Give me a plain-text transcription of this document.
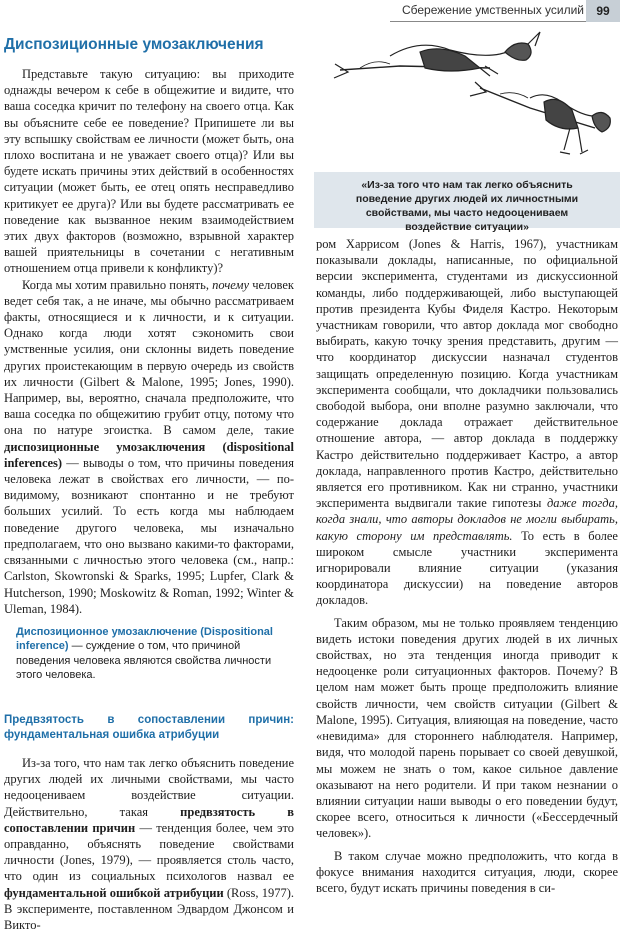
Сбережение умственных усилий	99
Диспозиционные умозаключения
«Из-за того что нам так легко объяснить поведение других людей их личностными свойствами, мы часто недооцениваем воздействие ситуации»

Представьте такую ситуацию: вы приходите однажды вечером к себе в общежитие и видите, что ваша соседка кричит по телефону на своего отца. Как вы объясните себе ее поведение? Припишете ли вы эту вспышку свойствам ее личности (может быть, она плохо воспитана и не уважает своего отца)? Или вы будете искать причины этих действий в особенностях ситуации (может быть, ее отец опять несправедливо критикует ее друга)? Или вы будете рассматривать ее поведение как вызванное неким взаимодействием этих двух факторов (возможно, взрывной характер вашей приятельницы в сочетании с негативным отношением отца привели к конфликту)?

Когда мы хотим правильно понять, почему человек ведет себя так, а не иначе, мы обычно рассматриваем факты, относящиеся и к личности, и к ситуации. Однако когда люди хотят сэкономить свои умственные усилия, они склонны видеть поведение других проистекающим в первую очередь из свойств их личности (Gilbert & Malone, 1995; Jones, 1990). Например, вы, вероятно, сначала предположите, что ваша соседка по общежитию грубит отцу, потому что она по натуре эгоистка. В самом деле, такие диспозиционные умозаключения (dispositional inferences) — выводы о том, что причины поведения человека лежат в свойствах его личности, — по-видимому, возникают спонтанно и не требуют больших усилий. То есть когда мы наблюдаем поведение другого человека, мы изначально предполагаем, что оно вызвано какими-то факторами, связанными с личностью этого человека (см., напр.: Carlston, Skowronski & Sparks, 1995; Lupfer, Clark & Hutcherson, 1990; Moskowitz & Roman, 1992; Winter & Uleman, 1984).

Диспозиционное умозаключение (Dispositional inference) — суждение о том, что причиной поведения человека являются свойства личности этого человека.
Предвзятость в сопоставлении причин: фундаментальная ошибка атрибуции

Из-за того, что нам так легко объяснить поведение других людей их личными свойствами, мы часто недооцениваем воздействие ситуации. Действительно, такая предвзятость в сопоставлении причин — тенденция более, чем это оправданно, объяснять поведение свойствами личности (Jones, 1979), — проявляется столь часто, что один из социальных психологов назвал ее фундаментальной ошибкой атрибуции (Ross, 1977). В эксперименте, поставленном Эдвардом Джонсом и Викто-

ром Харрисом (Jones & Harris, 1967), участникам показывали доклады, написанные, по официальной версии эксперимента, студентами из дискуссионной команды, либо поддерживающей, либо выступающей против президента Кубы Фиделя Кастро. Некоторым участникам говорили, что автор доклада мог свободно выбирать, какую точку зрения представить, другим — что координатор дискуссии назначал студентов защищать определенную позицию. Когда участникам эксперимента сообщали, что докладчики пользовались свободой выбора, они вполне разумно заключали, что содержание доклада отражает действительное отношение автора, — автор доклада в поддержку Кастро действительно поддерживает Кастро, а автор доклада, направленного против Кастро, действительно является его противником. Как ни странно, участники эксперимента выдвигали такие гипотезы даже тогда, когда знали, что авторы докладов не могли выбирать, какую сторону им представлять. То есть в более широком смысле участники эксперимента игнорировали влияние ситуации (указания координатора дискуссии) на поведение авторов докладов.

Таким образом, мы не только проявляем тенденцию видеть истоки поведения других людей в их личных свойствах, но эта тенденция иногда приводит к недооценке роли ситуационных факторов. Почему? В целом нам может быть проще предположить влияние свойств личности, чем свойств ситуации (Gilbert & Malone, 1995). Ситуация, влияющая на поведение, часто «невидима» для стороннего наблюдателя. Например, видя, что молодой парень порывает со своей девушкой, мы можем не знать о том, какое сильное давление оказывают на него родители. И при таком незнании о влиянии ситуации наши выводы о его поведении будут, скорее всего, относиться к личности («Бессердечный человек»).

В таком случае можно предположить, что когда в фокусе внимания находится ситуация, люди, скорее всего, будут искать причины поведения в си-
